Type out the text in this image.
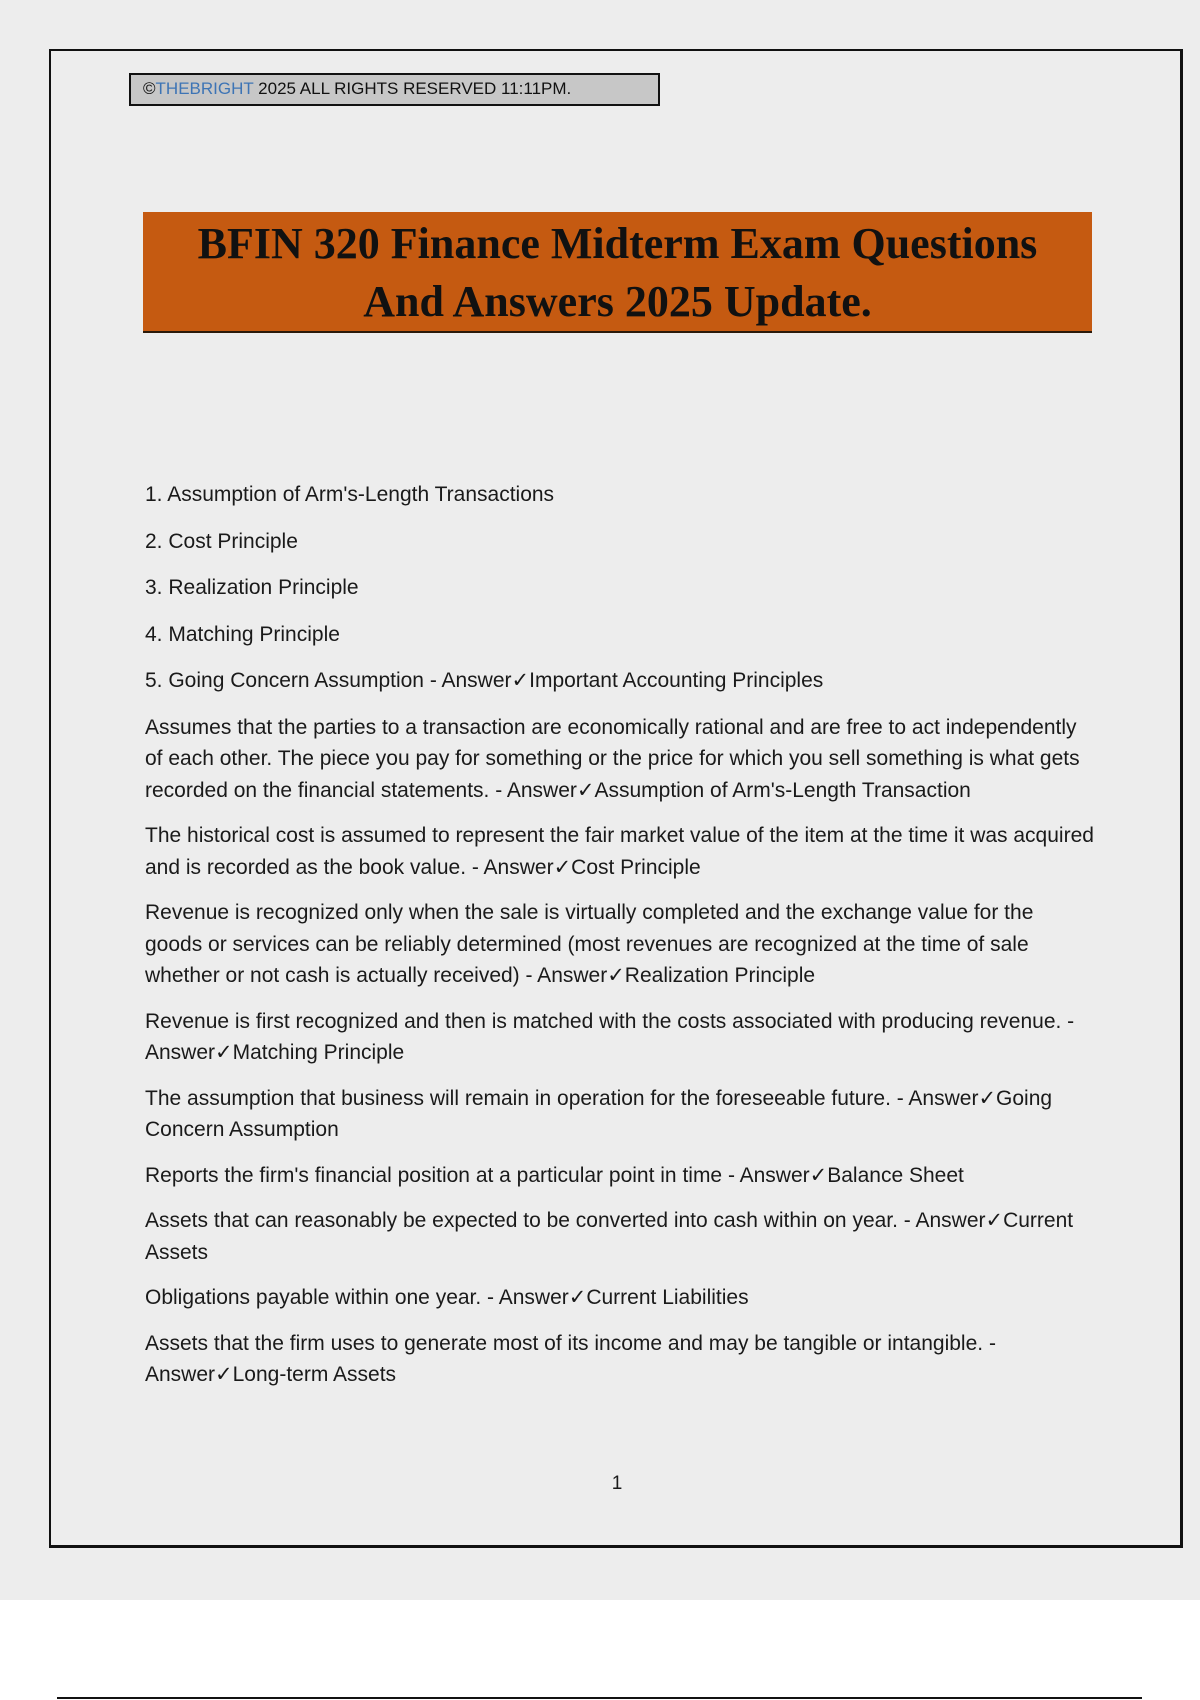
©THEBRIGHT 2025 ALL RIGHTS RESERVED 11:11PM.
BFIN 320 Finance Midterm Exam Questions
And Answers 2025 Update.

1. Assumption of Arm's-Length Transactions

2. Cost Principle

3. Realization Principle

4. Matching Principle

5. Going Concern Assumption - Answer✓Important Accounting Principles

Assumes that the parties to a transaction are economically rational and are free to act independently of each other. The piece you pay for something or the price for which you sell something is what gets recorded on the financial statements. - Answer✓Assumption of Arm's-Length Transaction

The historical cost is assumed to represent the fair market value of the item at the time it was acquired and is recorded as the book value. - Answer✓Cost Principle

Revenue is recognized only when the sale is virtually completed and the exchange value for the goods or services can be reliably determined (most revenues are recognized at the time of sale whether or not cash is actually received) - Answer✓Realization Principle

Revenue is first recognized and then is matched with the costs associated with producing revenue. - Answer✓Matching Principle

The assumption that business will remain in operation for the foreseeable future. - Answer✓Going Concern Assumption

Reports the firm's financial position at a particular point in time - Answer✓Balance Sheet

Assets that can reasonably be expected to be converted into cash within on year. - Answer✓Current Assets

Obligations payable within one year. - Answer✓Current Liabilities

Assets that the firm uses to generate most of its income and may be tangible or intangible. - Answer✓Long-term Assets

1
